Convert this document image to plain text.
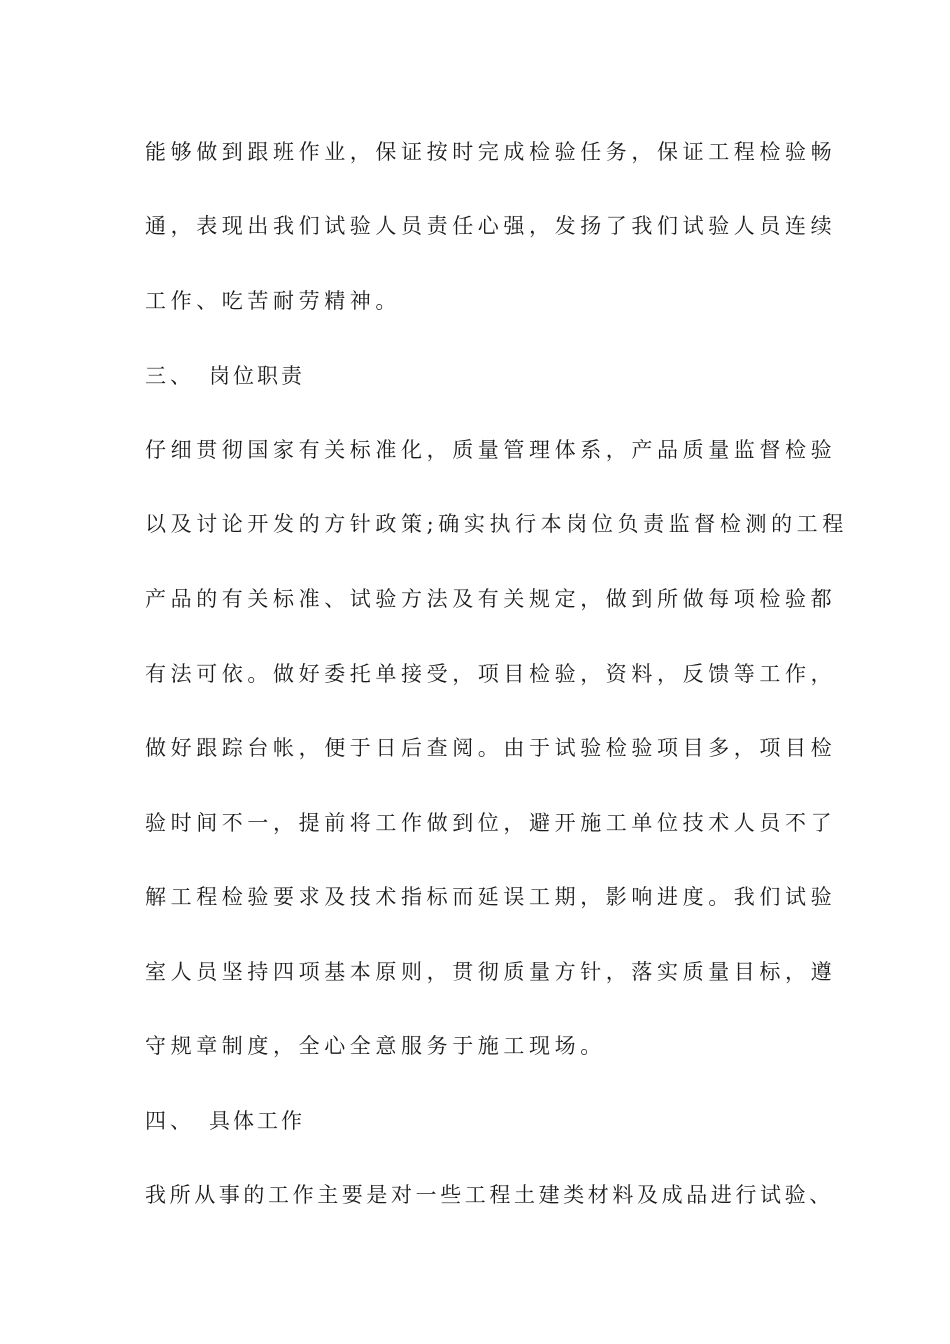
能够做到跟班作业，保证按时完成检验任务，保证工程检验畅
通，表现出我们试验人员责任心强，发扬了我们试验人员连续
工作、吃苦耐劳精神。
三、 岗位职责
仔细贯彻国家有关标准化，质量管理体系，产品质量监督检验
以及讨论开发的方针政策;确实执行本岗位负责监督检测的工程
产品的有关标准、试验方法及有关规定，做到所做每项检验都
有法可依。做好委托单接受，项目检验，资料，反馈等工作，
做好跟踪台帐，便于日后查阅。由于试验检验项目多，项目检
验时间不一，提前将工作做到位，避开施工单位技术人员不了
解工程检验要求及技术指标而延误工期，影响进度。我们试验
室人员坚持四项基本原则，贯彻质量方针，落实质量目标，遵
守规章制度，全心全意服务于施工现场。
四、 具体工作
我所从事的工作主要是对一些工程土建类材料及成品进行试验、
